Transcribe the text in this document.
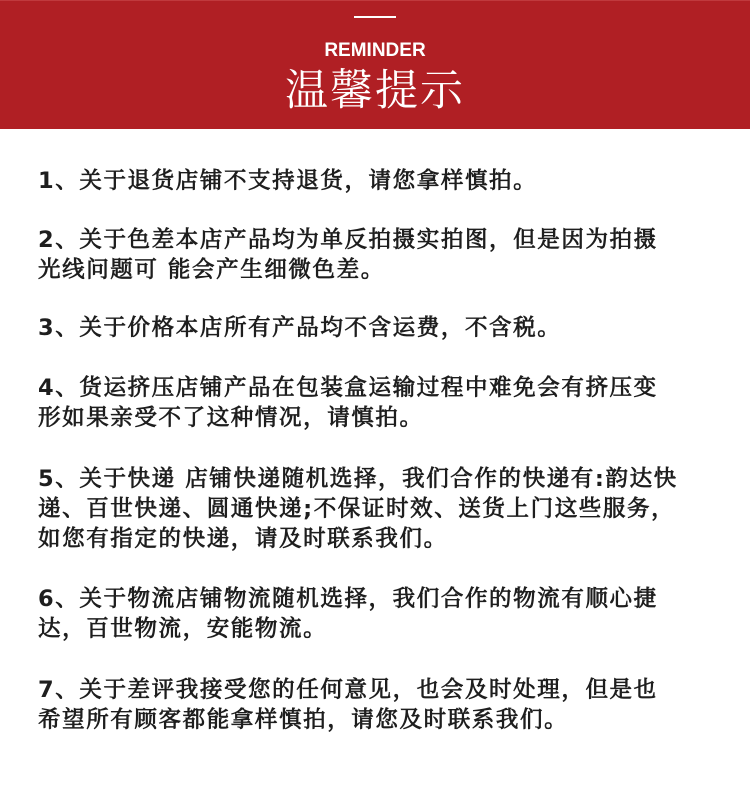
REMINDER
温馨提示
1、关于退货店铺不支持退货，请您拿样慎拍。
2、关于色差本店产品均为单反拍摄实拍图，但是因为拍摄
光线问题可 能会产生细微色差。
3、关于价格本店所有产品均不含运费，不含税。
4、货运挤压店铺产品在包装盒运输过程中难免会有挤压变
形如果亲受不了这种情况，请慎拍。
5、关于快递 店铺快递随机选择，我们合作的快递有:韵达快
递、百世快递、圆通快递;不保证时效、送货上门这些服务，
如您有指定的快递，请及时联系我们。
6、关于物流店铺物流随机选择，我们合作的物流有顺心捷
达，百世物流，安能物流。
7、关于差评我接受您的任何意见，也会及时处理，但是也
希望所有顾客都能拿样慎拍，请您及时联系我们。
